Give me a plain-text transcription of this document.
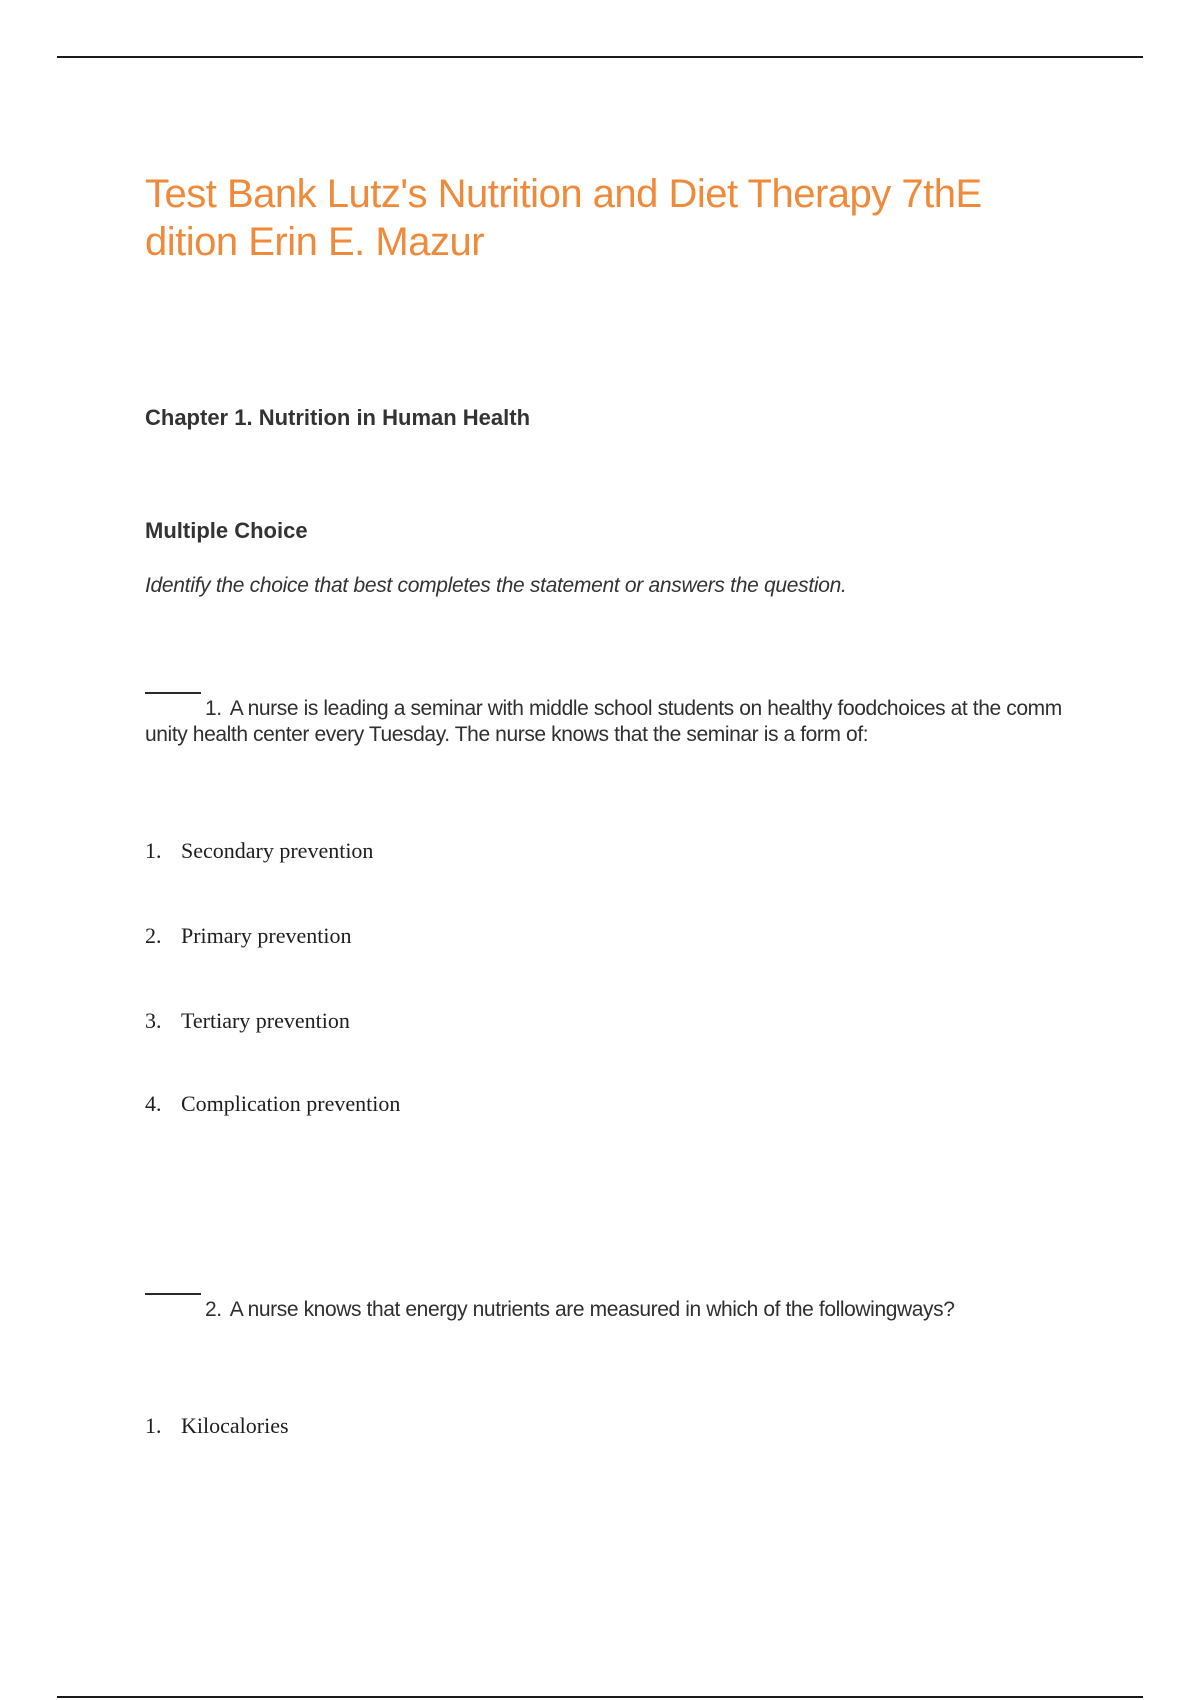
Test Bank Lutz's Nutrition and Diet Therapy 7thE dition Erin E. Mazur
Chapter 1. Nutrition in Human Health
Multiple Choice

Identify the choice that best completes the statement or answers the question.

1. A nurse is leading a seminar with middle school students on healthy foodchoices at the community health center every Tuesday. The nurse knows that the seminar is a form of:

1. Secondary prevention
2. Primary prevention
3. Tertiary prevention
4. Complication prevention

2. A nurse knows that energy nutrients are measured in which of the followingways?

1. Kilocalories
